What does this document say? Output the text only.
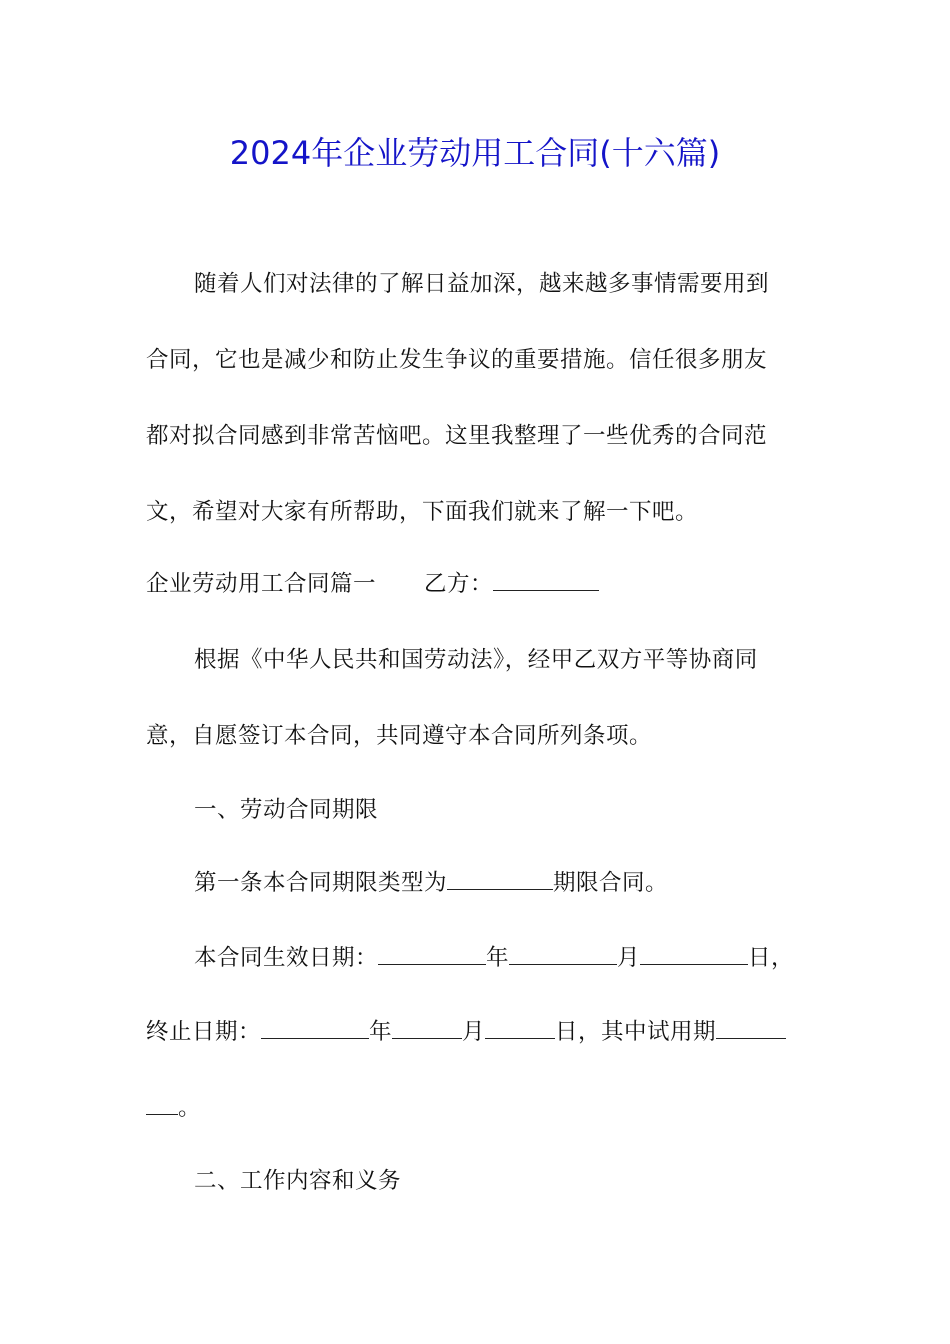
2024年企业劳动用工合同(十六篇)
随着人们对法律的了解日益加深，越来越多事情需要用到
合同，它也是减少和防止发生争议的重要措施。信任很多朋友
都对拟合同感到非常苦恼吧。这里我整理了一些优秀的合同范
文，希望对大家有所帮助，下面我们就来了解一下吧。
企业劳动用工合同篇一 乙方：
根据《中华人民共和国劳动法》，经甲乙双方平等协商同
意，自愿签订本合同，共同遵守本合同所列条项。
一、劳动合同期限
第一条本合同期限类型为	期限合同。
本合同生效日期：	年	月	日，
终止日期：	年	月	日，其中试用期
。
二、工作内容和义务
